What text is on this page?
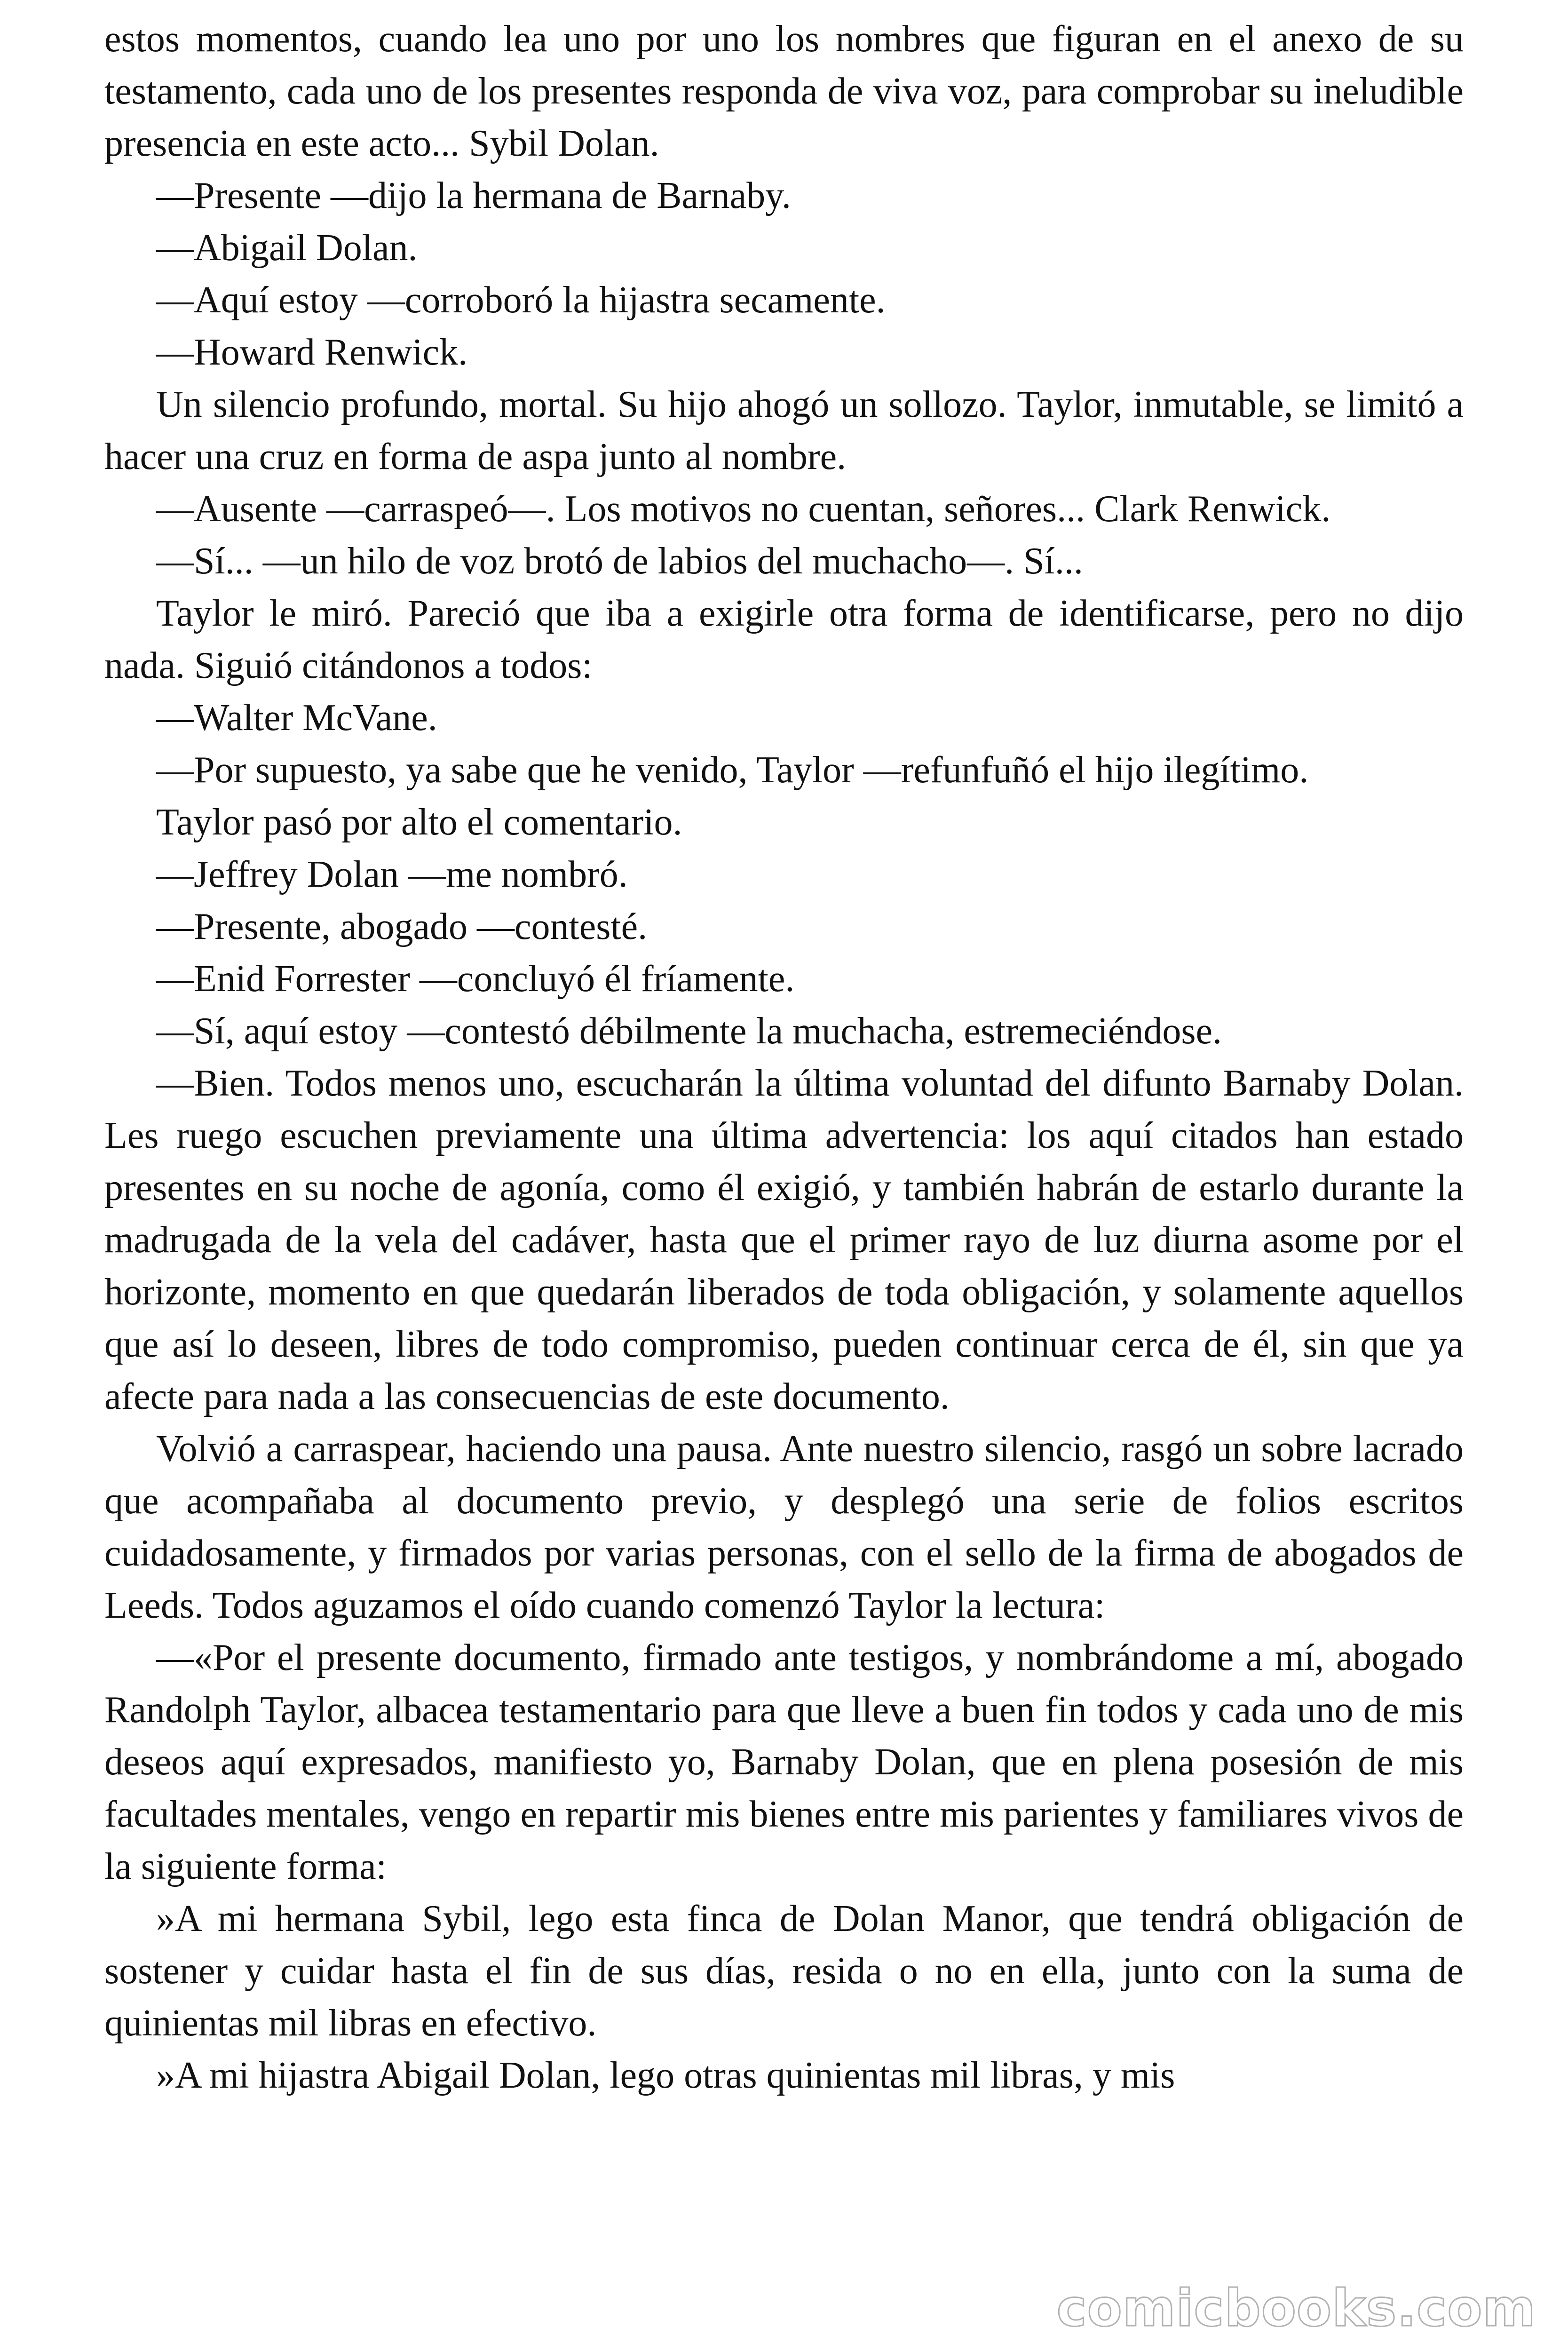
estos momentos, cuando lea uno por uno los nombres que figuran en el anexo de su testamento, cada uno de los presentes responda de viva voz, para comprobar su ineludible presencia en este acto... Sybil Dolan.

—Presente —dijo la hermana de Barnaby.

—Abigail Dolan.

—Aquí estoy —corroboró la hijastra secamente.

—Howard Renwick.

Un silencio profundo, mortal. Su hijo ahogó un sollozo. Taylor, inmutable, se limitó a hacer una cruz en forma de aspa junto al nombre.

—Ausente —carraspeó—. Los motivos no cuentan, señores... Clark Renwick.

—Sí... —un hilo de voz brotó de labios del muchacho—. Sí...

Taylor le miró. Pareció que iba a exigirle otra forma de identificarse, pero no dijo nada. Siguió citándonos a todos:

—Walter McVane.

—Por supuesto, ya sabe que he venido, Taylor —refunfuñó el hijo ilegítimo.

Taylor pasó por alto el comentario.

—Jeffrey Dolan —me nombró.

—Presente, abogado —contesté.

—Enid Forrester —concluyó él fríamente.

—Sí, aquí estoy —contestó débilmente la muchacha, estremeciéndose.

—Bien. Todos menos uno, escucharán la última voluntad del difunto Barnaby Dolan. Les ruego escuchen previamente una última advertencia: los aquí citados han estado presentes en su noche de agonía, como él exigió, y también habrán de estarlo durante la madrugada de la vela del cadáver, hasta que el primer rayo de luz diurna asome por el horizonte, momento en que quedarán liberados de toda obligación, y solamente aquellos que así lo deseen, libres de todo compromiso, pueden continuar cerca de él, sin que ya afecte para nada a las consecuencias de este documento.

Volvió a carraspear, haciendo una pausa. Ante nuestro silencio, rasgó un sobre lacrado que acompañaba al documento previo, y desplegó una serie de folios escritos cuidadosamente, y firmados por varias personas, con el sello de la firma de abogados de Leeds. Todos aguzamos el oído cuando comenzó Taylor la lectura:

—«Por el presente documento, firmado ante testigos, y nombrándome a mí, abogado Randolph Taylor, albacea testamentario para que lleve a buen fin todos y cada uno de mis deseos aquí expresados, manifiesto yo, Barnaby Dolan, que en plena posesión de mis facultades mentales, vengo en repartir mis bienes entre mis parientes y familiares vivos de la siguiente forma:

»A mi hermana Sybil, lego esta finca de Dolan Manor, que tendrá obligación de sostener y cuidar hasta el fin de sus días, resida o no en ella, junto con la suma de quinientas mil libras en efectivo.

»A mi hijastra Abigail Dolan, lego otras quinientas mil libras, y mis

comicbooks.com
